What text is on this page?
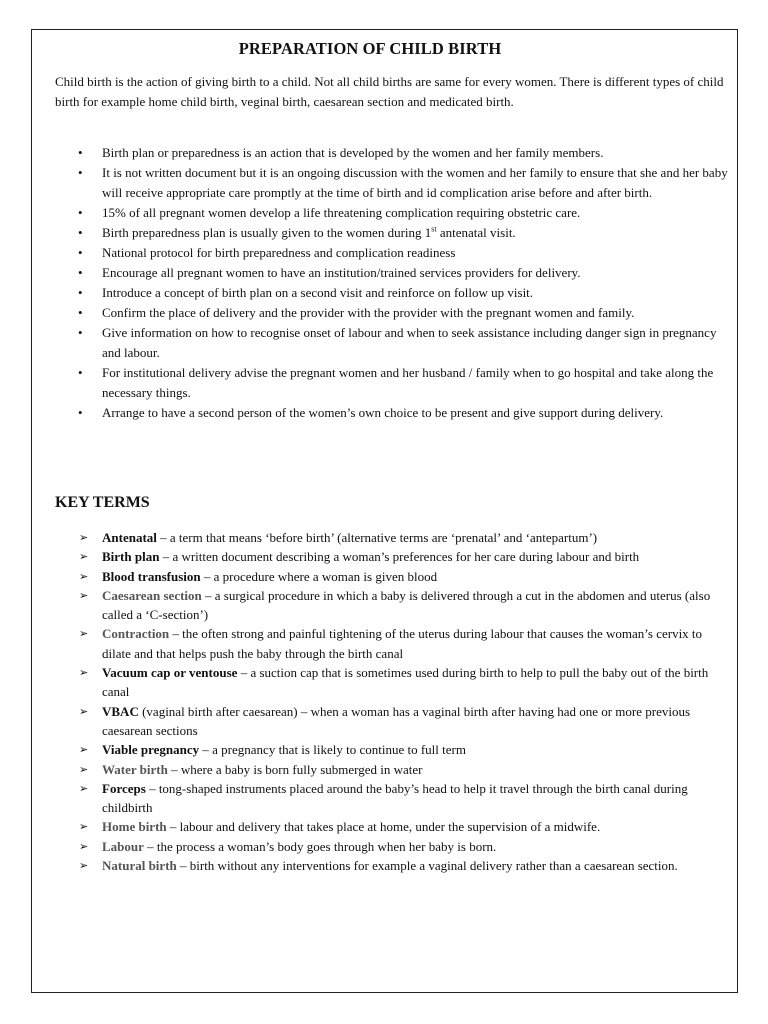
PREPARATION OF CHILD BIRTH
Child birth is the action of giving birth to a child. Not all child births are same for every women. There is different types of child birth for example home child birth, veginal birth, caesarean section and medicated birth.
• Birth plan or preparedness is an action that is developed by the women and her family members.
• It is not written document but it is an ongoing discussion with the women and her family to ensure that she and her baby will receive appropriate care promptly at the time of birth and id complication arise before and after birth.
• 15% of all pregnant women develop a life threatening complication requiring obstetric care.
• Birth preparedness plan is usually given to the women during 1st antenatal visit.
• National protocol for birth preparedness and complication readiness
• Encourage all pregnant women to have an institution/trained services providers for delivery.
• Introduce a concept of birth plan on a second visit and reinforce on follow up visit.
• Confirm the place of delivery and the provider with the provider with the pregnant women and family.
• Give information on how to recognise onset of labour and when to seek assistance including danger sign in pregnancy and labour.
• For institutional delivery advise the pregnant women and her husband / family when to go hospital and take along the necessary things.
• Arrange to have a second person of the women’s own choice to be present and give support during delivery.
KEY TERMS
➢ Antenatal – a term that means ‘before birth’ (alternative terms are ‘prenatal’ and ‘antepartum’)
➢ Birth plan – a written document describing a woman’s preferences for her care during labour and birth
➢ Blood transfusion – a procedure where a woman is given blood
➢ Caesarean section – a surgical procedure in which a baby is delivered through a cut in the abdomen and uterus (also called a ‘C-section’)
➢ Contraction – the often strong and painful tightening of the uterus during labour that causes the woman’s cervix to dilate and that helps push the baby through the birth canal
➢ Vacuum cap or ventouse – a suction cap that is sometimes used during birth to help to pull the baby out of the birth canal
➢ VBAC (vaginal birth after caesarean) – when a woman has a vaginal birth after having had one or more previous caesarean sections
➢ Viable pregnancy – a pregnancy that is likely to continue to full term
➢ Water birth – where a baby is born fully submerged in water
➢ Forceps – tong-shaped instruments placed around the baby’s head to help it travel through the birth canal during childbirth
➢ Home birth – labour and delivery that takes place at home, under the supervision of a midwife.
➢ Labour – the process a woman’s body goes through when her baby is born.
➢ Natural birth – birth without any interventions for example a vaginal delivery rather than a caesarean section.
